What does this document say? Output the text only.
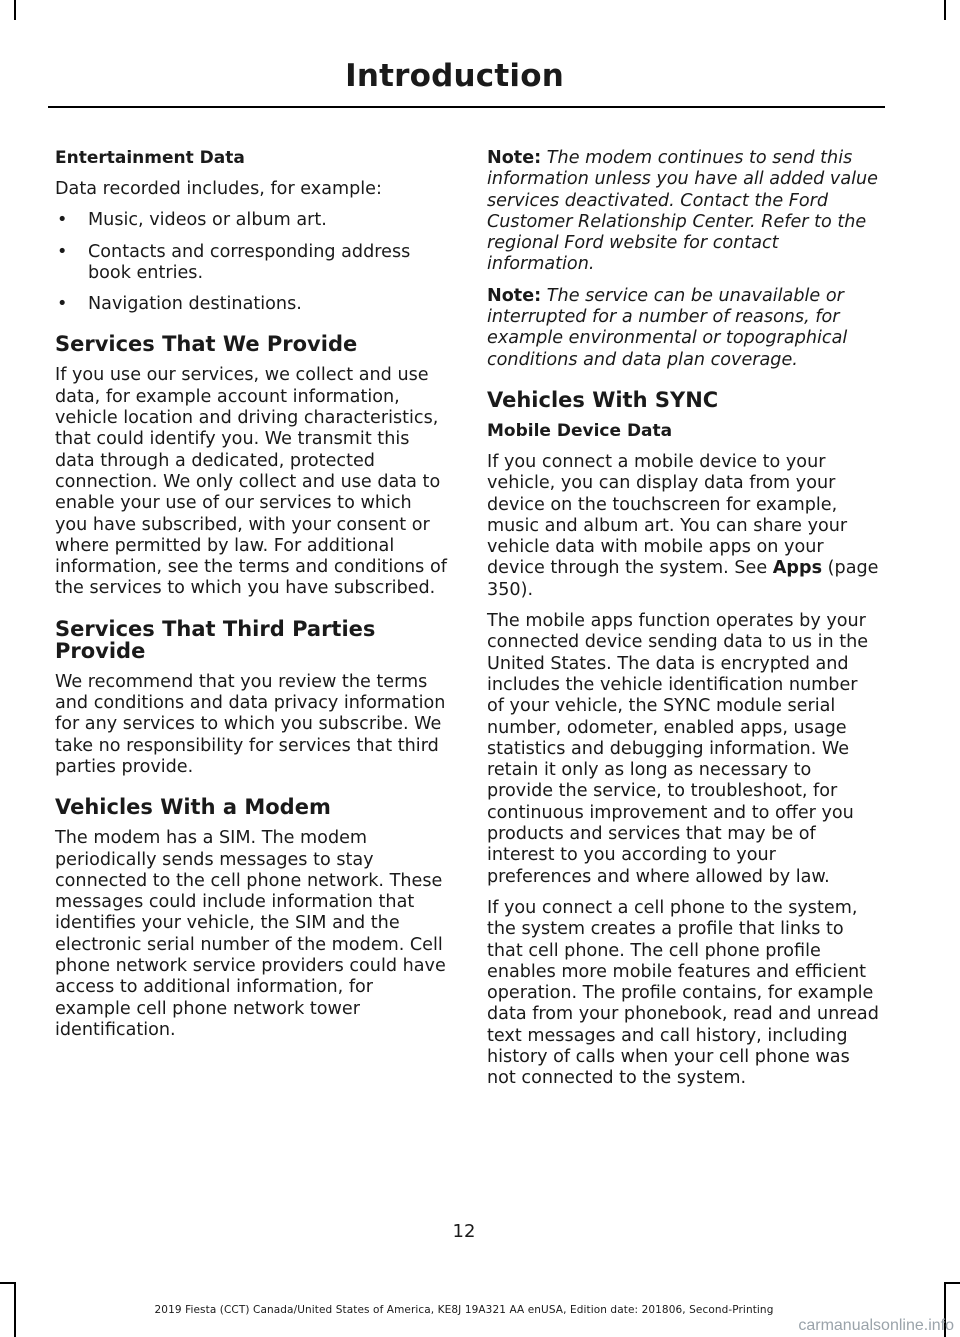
Introduction
Entertainment Data

Data recorded includes, for example:

• Music, videos or album art.
• Contacts and corresponding address book entries.
• Navigation destinations.
Services That We Provide

If you use our services, we collect and use data, for example account information, vehicle location and driving characteristics, that could identify you. We transmit this data through a dedicated, protected connection. We only collect and use data to enable your use of our services to which you have subscribed, with your consent or where permitted by law. For additional information, see the terms and conditions of the services to which you have subscribed.

Services That Third Parties Provide

We recommend that you review the terms and conditions and data privacy information for any services to which you subscribe. We take no responsibility for services that third parties provide.

Vehicles With a Modem

The modem has a SIM. The modem periodically sends messages to stay connected to the cell phone network. These messages could include information that identifies your vehicle, the SIM and the electronic serial number of the modem. Cell phone network service providers could have access to additional information, for example cell phone network tower identification.

Note: The modem continues to send this information unless you have all added value services deactivated. Contact the Ford Customer Relationship Center. Refer to the regional Ford website for contact information.

Note: The service can be unavailable or interrupted for a number of reasons, for example environmental or topographical conditions and data plan coverage.

Vehicles With SYNC
Mobile Device Data

If you connect a mobile device to your vehicle, you can display data from your device on the touchscreen for example, music and album art. You can share your vehicle data with mobile apps on your device through the system. See Apps (page 350).

The mobile apps function operates by your connected device sending data to us in the United States. The data is encrypted and includes the vehicle identification number of your vehicle, the SYNC module serial number, odometer, enabled apps, usage statistics and debugging information. We retain it only as long as necessary to provide the service, to troubleshoot, for continuous improvement and to offer you products and services that may be of interest to you according to your preferences and where allowed by law.

If you connect a cell phone to the system, the system creates a profile that links to that cell phone. The cell phone profile enables more mobile features and efficient operation. The profile contains, for example data from your phonebook, read and unread text messages and call history, including history of calls when your cell phone was not connected to the system.

12
2019 Fiesta (CCT) Canada/United States of America, KE8J 19A321 AA enUSA, Edition date: 201806, Second-Printing
carmanualsonline.info
